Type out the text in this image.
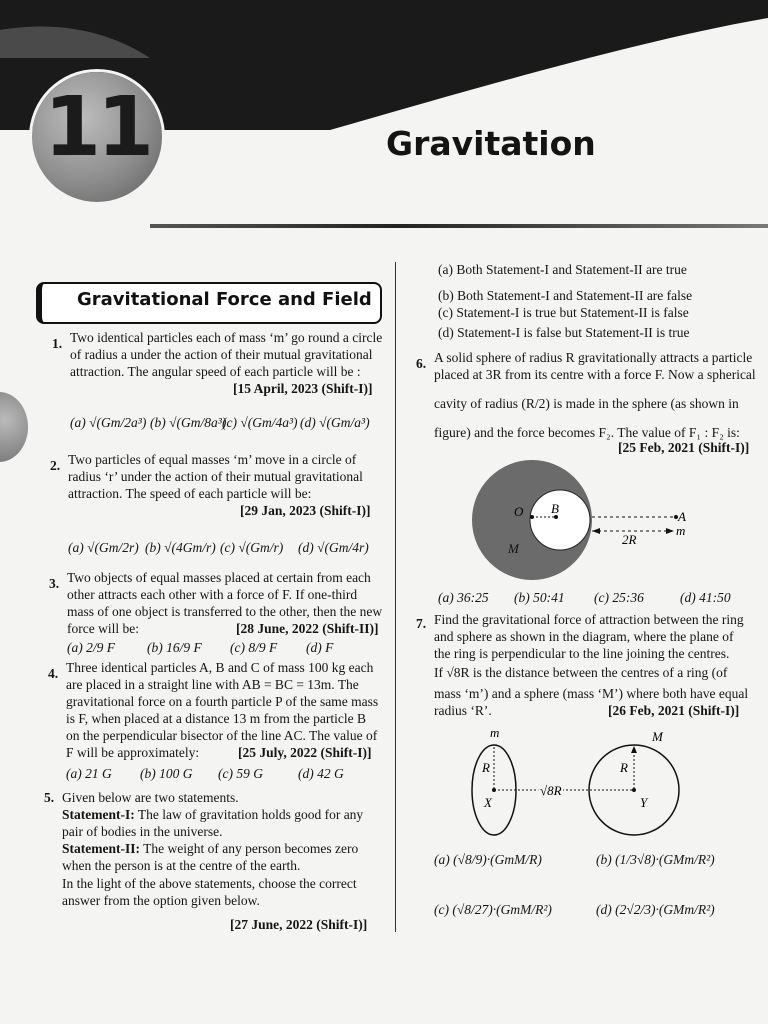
11	Gravitation
Gravitational Force and Field
1. Two identical particles each of mass ‘m’ go round a circle
of radius a under the action of their mutual gravitational
attraction. The angular speed of each particle will be :
[15 April, 2023 (Shift-I)]
(a) √(Gm/2a³) (b) √(Gm/8a³)
(c) √(Gm/4a³) (d) √(Gm/a³)
2. Two particles of equal masses ‘m’ move in a circle of
radius ‘r’ under the action of their mutual gravitational
attraction. The speed of each particle will be:
[29 Jan, 2023 (Shift-I)]
(a) √(Gm/2r) (b) √(4Gm/r) (c) √(Gm/r) (d) √(Gm/4r)
3. Two objects of equal masses placed at certain from each
other attracts each other with a force of F. If one-third
mass of one object is transferred to the other, then the new
force will be:	[28 June, 2022 (Shift-II)]
(a) 2/9 F (b) 16/9 F (c) 8/9 F (d) F
4. Three identical particles A, B and C of mass 100 kg each
are placed in a straight line with AB = BC = 13m. The
gravitational force on a fourth particle P of the same mass
is F, when placed at a distance 13 m from the particle B
on the perpendicular bisector of the line AC. The value of
F will be approximately:	[25 July, 2022 (Shift-I)]
(a) 21 G (b) 100 G (c) 59 G	(d) 42 G
5. Given below are two statements.
Statement-I: The law of gravitation holds good for any
pair of bodies in the universe.
Statement-II: The weight of any person becomes zero
when the person is at the centre of the earth.
In the light of the above statements, choose the correct
answer from the option given below.
[27 June, 2022 (Shift-I)]
(a) Both Statement-I and Statement-II are true
(b) Both Statement-I and Statement-II are false
(c) Statement-I is true but Statement-II is false
(d) Statement-I is false but Statement-II is true
6. A solid sphere of radius R gravitationally attracts a particle
placed at 3R from its centre with a force F. Now a spherical
cavity of radius (R/2) is made in the sphere (as shown in
figure) and the force becomes F₂. The value of F₁ : F₂ is:
[25 Feb, 2021 (Shift-I)]
O B
A
M
m
2R
(a) 36:25 (b) 50:41 (c) 25:36	(d) 41:50
7. Find the gravitational force of attraction between the ring
and sphere as shown in the diagram, where the plane of
the ring is perpendicular to the line joining the centres.
If √8R is the distance between the centres of a ring (of
mass ‘m’) and a sphere (mass ‘M’) where both have equal
radius ‘R’.	[26 Feb, 2021 (Shift-I)]
m	M
R	R
X	Y
√8R
(a) (√8/9)·(GmM/R)	(b) (1/3√8)·(GMm/R²)
(c) (√8/27)·(GmM/R²)	(d) (2√2/3)·(GMm/R²)
